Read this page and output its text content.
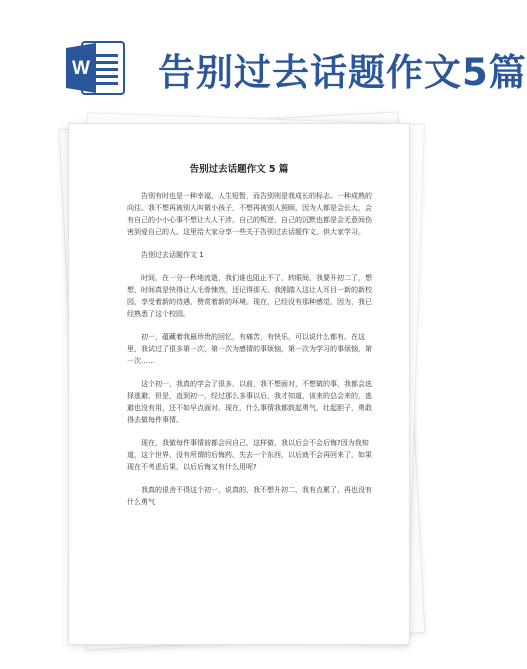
W 告别过去话题作文5篇
告别过去话题作文 5 篇

告别有时也是一种幸福，人生短暂，而告别则是我成长的标志。一种成熟的向往。我不想再被别人叫做小孩子，不想再被别人照顾，因为人都是会长大，会有自己的小小心事不想让大人干涉，自己的叛逆，自己的沉默也都是会无意间伤害到爱自己的人。这里给大家分享一些关于告别过去话题作文，供大家学习。

告别过去话题作文 1

时间，在一分一秒地流逝，我们谁也阻止不了，转眼间，我要升初二了，想想，时间真是快得让人毛骨悚然，还记得那天，我刚踏入这让人耳目一新的新校园，享受着新的待遇，赞赏着新的环境。现在，已经没有那种感觉，因为，我已经熟悉了这个校园。

初一，蕴藏着我最珍贵的回忆，有痛苦，有快乐，可以说什么都有。在这里，我试过了很多第一次，第一次为感情的事烦恼，第一次为学习的事烦恼，第一次……

这个初一，我真的学会了很多，以前，我不想面对，不想做的事，我都会选择逃避，但是，直到初一，经过那么多事以后，我才知道，该来的总会来的，逃避也没有用，还不如早点面对。现在，什么事情我都鼓起勇气，壮起胆子，勇敢得去做每件事情。

现在，我做每件事情前都会问自己，这样做，我以后会不会后悔?因为我知道，这个世界，没有所谓的后悔药。失去一个东西，以后就不会再回来了，如果现在不考虑后果，以后后悔又有什么用呢?

我真的很舍不得这个初一，说真的，我不想升初二，我有点累了，再也没有什么勇气
